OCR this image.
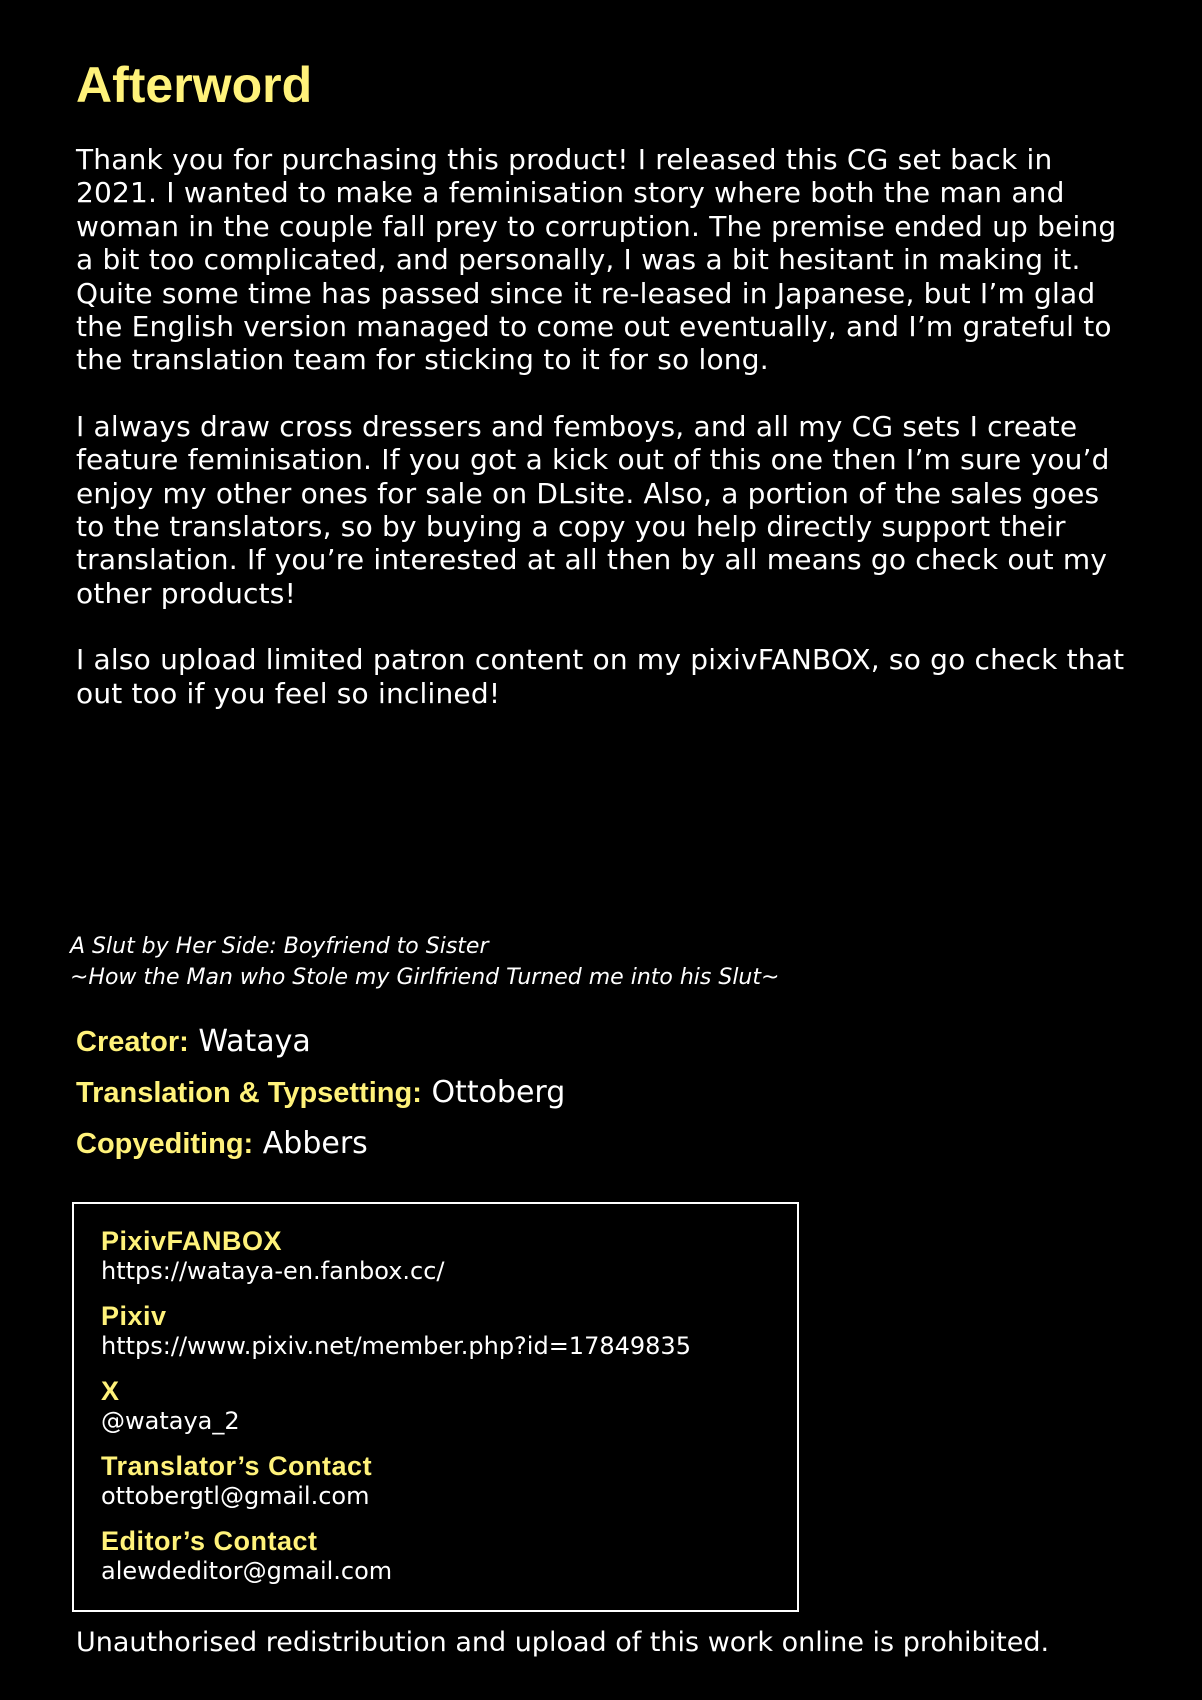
Afterword

Thank you for purchasing this product! I released this CG set back in 2021. I wanted to make a feminisation story where both the man and woman in the couple fall prey to corruption. The premise ended up being a bit too complicated, and personally, I was a bit hesitant in making it. Quite some time has passed since it re-leased in Japanese, but I’m glad the English version managed to come out eventually, and I’m grateful to the translation team for sticking to it for so long.

I always draw cross dressers and femboys, and all my CG sets I create feature feminisation. If you got a kick out of this one then I’m sure you’d enjoy my other ones for sale on DLsite. Also, a portion of the sales goes to the translators, so by buying a copy you help directly support their translation. If you’re interested at all then by all means go check out my other products!

I also upload limited patron content on my pixivFANBOX, so go check that out too if you feel so inclined!

A Slut by Her Side: Boyfriend to Sister
~How the Man who Stole my Girlfriend Turned me into his Slut~
Creator: Wataya
Translation & Typsetting: Ottoberg
Copyediting: Abbers
PixivFANBOX
https://wataya-en.fanbox.cc/
Pixiv
https://www.pixiv.net/member.php?id=17849835
X
@wataya_2
Translator’s Contact
ottobergtl@gmail.com
Editor’s Contact
alewdeditor@gmail.com
Unauthorised redistribution and upload of this work online is prohibited.
